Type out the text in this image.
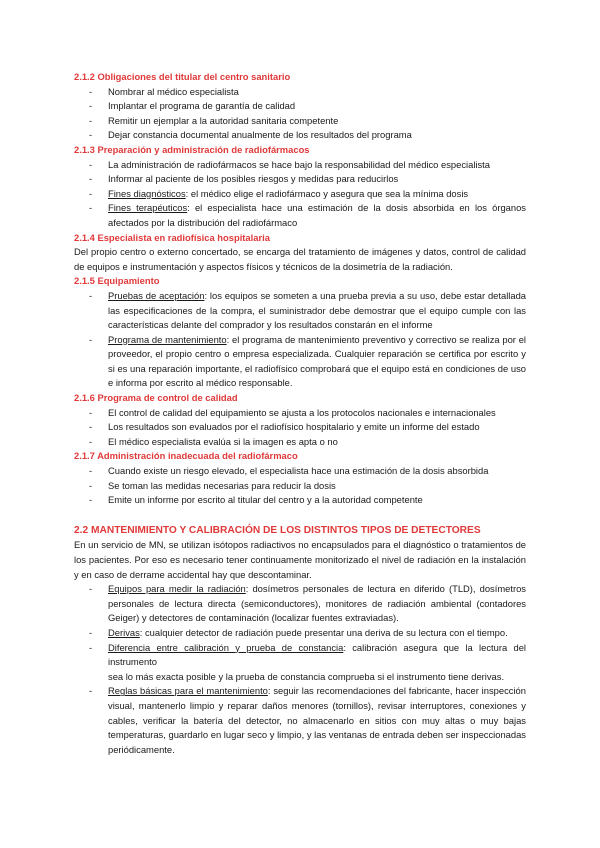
2.1.2 Obligaciones del titular del centro sanitario
- Nombrar al médico especialista
- Implantar el programa de garantía de calidad
- Remitir un ejemplar a la autoridad sanitaria competente
- Dejar constancia documental anualmente de los resultados del programa
2.1.3 Preparación y administración de radiofármacos
- La administración de radiofármacos se hace bajo la responsabilidad del médico especialista
- Informar al paciente de los posibles riesgos y medidas para reducirlos
- Fines diagnósticos: el médico elige el radiofármaco y asegura que sea la mínima dosis
- Fines terapéuticos: el especialista hace una estimación de la dosis absorbida en los órganos afectados por la distribución del radiofármaco
2.1.4 Especialista en radiofísica hospitalaria
Del propio centro o externo concertado, se encarga del tratamiento de imágenes y datos, control de calidad de equipos e instrumentación y aspectos físicos y técnicos de la dosimetría de la radiación.
2.1.5 Equipamiento
- Pruebas de aceptación: los equipos se someten a una prueba previa a su uso, debe estar detallada las especificaciones de la compra, el suministrador debe demostrar que el equipo cumple con las características delante del comprador y los resultados constarán en el informe
- Programa de mantenimiento: el programa de mantenimiento preventivo y correctivo se realiza por el proveedor, el propio centro o empresa especializada. Cualquier reparación se certifica por escrito y si es una reparación importante, el radiofísico comprobará que el equipo está en condiciones de uso e informa por escrito al médico responsable.
2.1.6 Programa de control de calidad
- El control de calidad del equipamiento se ajusta a los protocolos nacionales e internacionales
- Los resultados son evaluados por el radiofísico hospitalario y emite un informe del estado
- El médico especialista evalúa si la imagen es apta o no
2.1.7 Administración inadecuada del radiofármaco
- Cuando existe un riesgo elevado, el especialista hace una estimación de la dosis absorbida
- Se toman las medidas necesarias para reducir la dosis
- Emite un informe por escrito al titular del centro y a la autoridad competente
2.2 MANTENIMIENTO Y CALIBRACIÓN DE LOS DISTINTOS TIPOS DE DETECTORES
En un servicio de MN, se utilizan isótopos radiactivos no encapsulados para el diagnóstico o tratamientos de los pacientes. Por eso es necesario tener continuamente monitorizado el nivel de radiación en la instalación y en caso de derrame accidental hay que descontaminar.
- Equipos para medir la radiación: dosímetros personales de lectura en diferido (TLD), dosímetros personales de lectura directa (semiconductores), monitores de radiación ambiental (contadores Geiger) y detectores de contaminación (localizar fuentes extraviadas).
- Derivas: cualquier detector de radiación puede presentar una deriva de su lectura con el tiempo.
- Diferencia entre calibración y prueba de constancia: calibración asegura que la lectura del instrumento
sea lo más exacta posible y la prueba de constancia comprueba si el instrumento tiene derivas.
- Reglas básicas para el mantenimiento: seguir las recomendaciones del fabricante, hacer inspección visual, mantenerlo limpio y reparar daños menores (tornillos), revisar interruptores, conexiones y cables, verificar la batería del detector, no almacenarlo en sitios con muy altas o muy bajas temperaturas, guardarlo en lugar seco y limpio, y las ventanas de entrada deben ser inspeccionadas periódicamente.
